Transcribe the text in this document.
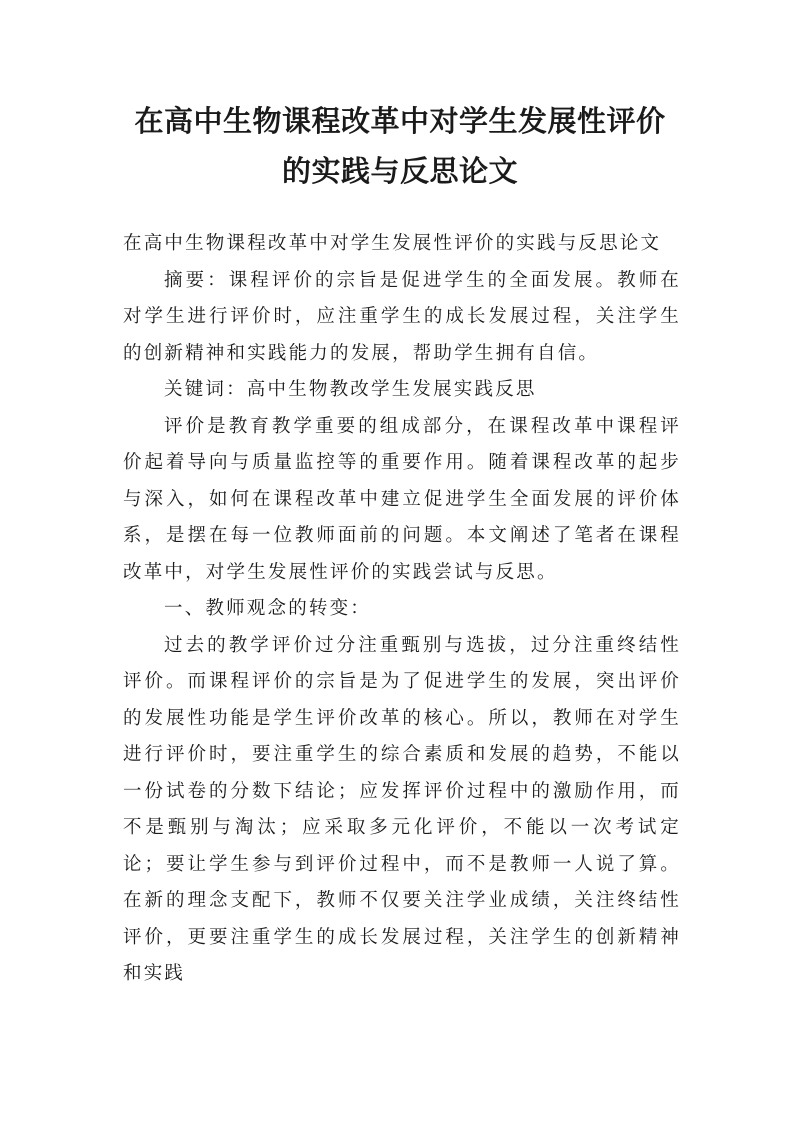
在高中生物课程改革中对学生发展性评价
的实践与反思论文

在高中生物课程改革中对学生发展性评价的实践与反思论文

摘要：课程评价的宗旨是促进学生的全面发展。教师在对学生进行评价时，应注重学生的成长发展过程，关注学生的创新精神和实践能力的发展，帮助学生拥有自信。

关键词：高中生物教改学生发展实践反思

评价是教育教学重要的组成部分，在课程改革中课程评价起着导向与质量监控等的重要作用。随着课程改革的起步与深入，如何在课程改革中建立促进学生全面发展的评价体系，是摆在每一位教师面前的问题。本文阐述了笔者在课程改革中，对学生发展性评价的实践尝试与反思。

一、教师观念的转变：

过去的教学评价过分注重甄别与选拔，过分注重终结性评价。而课程评价的宗旨是为了促进学生的发展，突出评价的发展性功能是学生评价改革的核心。所以，教师在对学生进行评价时，要注重学生的综合素质和发展的趋势，不能以一份试卷的分数下结论；应发挥评价过程中的激励作用，而不是甄别与淘汰；应采取多元化评价，不能以一次考试定论；要让学生参与到评价过程中，而不是教师一人说了算。在新的理念支配下，教师不仅要关注学业成绩，关注终结性评价，更要注重学生的成长发展过程，关注学生的创新精神和实践
